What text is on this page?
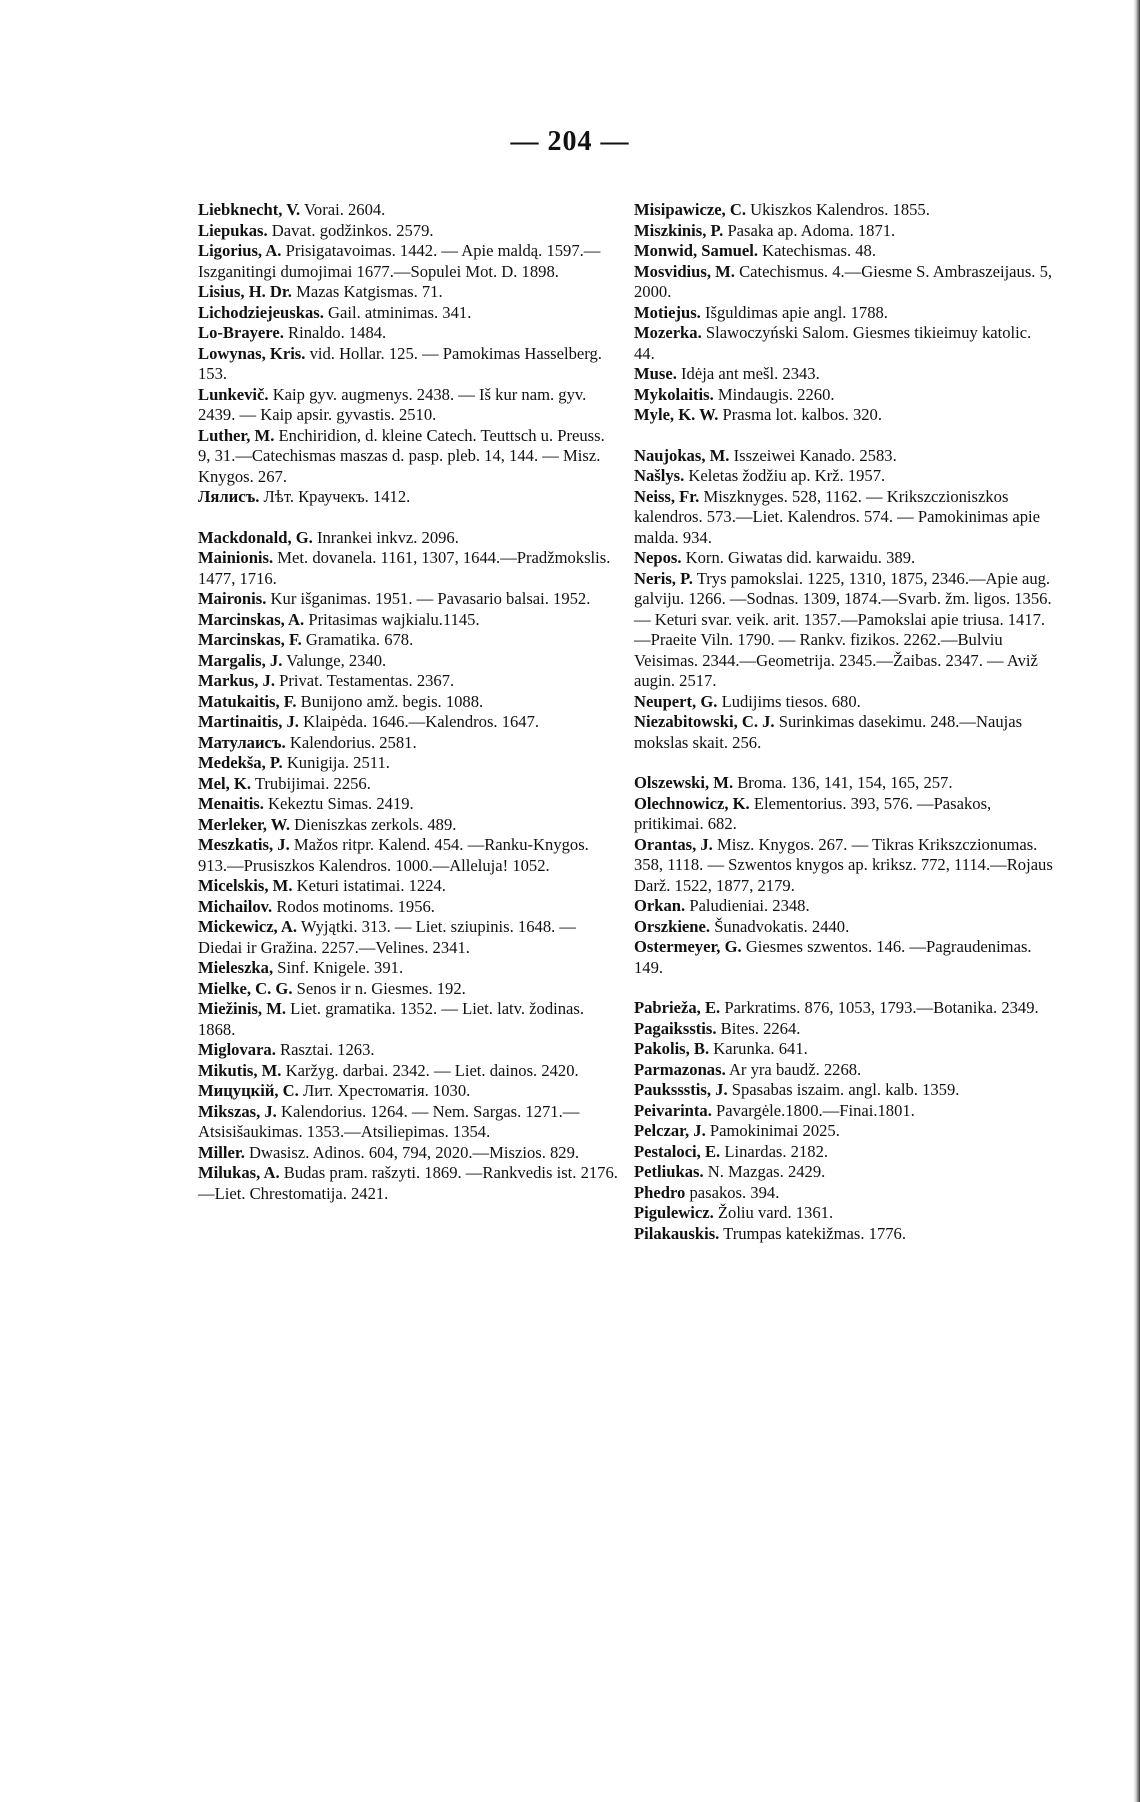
— 204 —

Liebknecht, V. Vorai. 2604.

Liepukas. Davat. godžinkos. 2579.

Ligorius, A. Prisigatavoimas. 1442. — Apie maldą. 1597.—Iszganitingi dumojimai 1677.—Sopulei Mot. D. 1898.

Lisius, H. Dr. Mazas Katgismas. 71.

Lichodziejeuskas. Gail. atminimas. 341.

Lo-Brayere. Rinaldo. 1484.

Lowynas, Kris. vid. Hollar. 125. — Pamokimas Hasselberg. 153.

Lunkevič. Kaip gyv. augmenys. 2438. — Iš kur nam. gyv. 2439. — Kaip apsir. gyvastis. 2510.

Luther, M. Enchiridion, d. kleine Catech. Teuttsch u. Preuss. 9, 31.—Catechismas maszas d. pasp. pleb. 14, 144. — Misz. Knygos. 267.

Лялисъ. Лѣт. Краучекъ. 1412.

Mackdonald, G. Inrankei inkvz. 2096.

Mainionis. Met. dovanela. 1161, 1307, 1644.—Pradžmokslis. 1477, 1716.

Maironis. Kur išganimas. 1951. — Pavasario balsai. 1952.

Marcinskas, A. Pritasimas wajkialu.1145.

Marcinskas, F. Gramatika. 678.

Margalis, J. Valunge, 2340.

Markus, J. Privat. Testamentas. 2367.

Matukaitis, F. Bunijono amž. begis. 1088.

Martinaitis, J. Klaipėda. 1646.—Kalendros. 1647.

Матулаисъ. Kalendorius. 2581.

Medekša, P. Kunigija. 2511.

Mel, K. Trubijimai. 2256.

Menaitis. Kekeztu Simas. 2419.

Merleker, W. Dieniszkas zerkols. 489.

Meszkatis, J. Mažos ritpr. Kalend. 454. —Ranku-Knygos. 913.—Prusiszkos Kalendros. 1000.—Alleluja! 1052.

Micelskis, M. Keturi istatimai. 1224.

Michailov. Rodos motinoms. 1956.

Mickewicz, A. Wyjątki. 313. — Liet. sziupinis. 1648. — Diedai ir Gražina. 2257.—Velines. 2341.

Mieleszka, Sinf. Knigele. 391.

Mielke, C. G. Senos ir n. Giesmes. 192.

Miežinis, M. Liet. gramatika. 1352. — Liet. latv. žodinas. 1868.

Miglovara. Rasztai. 1263.

Mikutis, M. Karžyg. darbai. 2342. — Liet. dainos. 2420.

Мицуцкій, С. Лит. Хрестоматія. 1030.

Mikszas, J. Kalendorius. 1264. — Nem. Sargas. 1271.—Atsisišaukimas. 1353.—Atsiliepimas. 1354.

Miller. Dwasisz. Adinos. 604, 794, 2020.—Miszios. 829.

Milukas, A. Budas pram. rašzyti. 1869. —Rankvedis ist. 2176.—Liet. Chrestomatija. 2421.

Misipawicze, C. Ukiszkos Kalendros. 1855.

Miszkinis, P. Pasaka ap. Adoma. 1871.

Monwid, Samuel. Katechismas. 48.

Mosvidius, M. Catechismus. 4.—Giesme S. Ambraszeijaus. 5, 2000.

Motiejus. Išguldimas apie angl. 1788.

Mozerka. Slawoczyński Salom. Giesmes tikieimuy katolic. 44.

Muse. Idėja ant mešl. 2343.

Mykolaitis. Mindaugis. 2260.

Myle, K. W. Prasma lot. kalbos. 320.

Naujokas, M. Isszeiwei Kanado. 2583.

Našlys. Keletas žodžiu ap. Krž. 1957.

Neiss, Fr. Miszknyges. 528, 1162. — Krikszczioniszkos kalendros. 573.—Liet. Kalendros. 574. — Pamokinimas apie malda. 934.

Nepos. Korn. Giwatas did. karwaidu. 389.

Neris, P. Trys pamokslai. 1225, 1310, 1875, 2346.—Apie aug. galviju. 1266. —Sodnas. 1309, 1874.—Svarb. žm. ligos. 1356. — Keturi svar. veik. arit. 1357.—Pamokslai apie triusa. 1417.—Praeite Viln. 1790. — Rankv. fizikos. 2262.—Bulviu Veisimas. 2344.—Geometrija. 2345.—Žaibas. 2347. — Aviž augin. 2517.

Neupert, G. Ludijims tiesos. 680.

Niezabitowski, C. J. Surinkimas dasekimu. 248.—Naujas mokslas skait. 256.

Olszewski, M. Broma. 136, 141, 154, 165, 257.

Olechnowicz, K. Elementorius. 393, 576. —Pasakos, pritikimai. 682.

Orantas, J. Misz. Knygos. 267. — Tikras Krikszczionumas. 358, 1118. — Szwentos knygos ap. kriksz. 772, 1114.—Rojaus Darž. 1522, 1877, 2179.

Orkan. Paludieniai. 2348.

Orszkiene. Šunadvokatis. 2440.

Ostermeyer, G. Giesmes szwentos. 146. —Pagraudenimas. 149.

Pabrieža, E. Parkratims. 876, 1053, 1793.—Botanika. 2349.

Pagaiksstis. Bites. 2264.

Pakolis, B. Karunka. 641.

Parmazonas. Ar yra baudž. 2268.

Paukssstis, J. Spasabas iszaim. angl. kalb. 1359.

Peivarinta. Pavargėle.1800.—Finai.1801.

Pelczar, J. Pamokinimai 2025.

Pestaloci, E. Linardas. 2182.

Petliukas. N. Mazgas. 2429.

Phedro pasakos. 394.

Pigulewicz. Žoliu vard. 1361.

Pilakauskis. Trumpas katekižmas. 1776.
